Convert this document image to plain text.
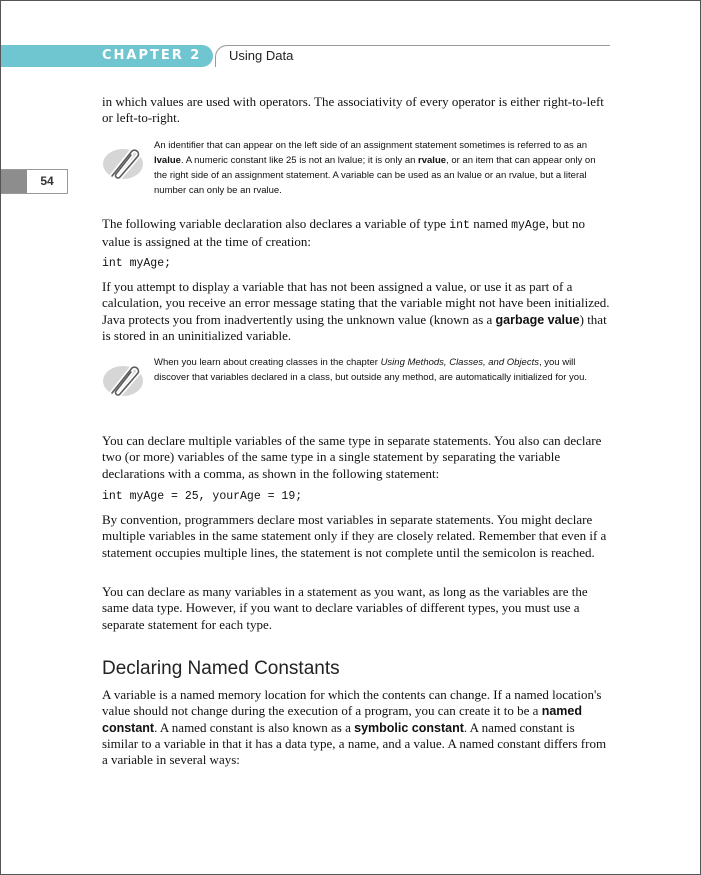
CHAPTER 2 Using Data
54

in which values are used with operators. The associativity of every operator is either right-to-left or left-to-right.

An identifier that can appear on the left side of an assignment statement sometimes is referred to as an lvalue. A numeric constant like 25 is not an lvalue; it is only an rvalue, or an item that can appear only on the right side of an assignment statement. A variable can be used as an lvalue or an rvalue, but a literal number can only be an rvalue.

The following variable declaration also declares a variable of type int named myAge, but no value is assigned at the time of creation:

int myAge;

If you attempt to display a variable that has not been assigned a value, or use it as part of a calculation, you receive an error message stating that the variable might not have been initialized. Java protects you from inadvertently using the unknown value (known as a garbage value) that is stored in an uninitialized variable.

When you learn about creating classes in the chapter Using Methods, Classes, and Objects, you will discover that variables declared in a class, but outside any method, are automatically initialized for you.

You can declare multiple variables of the same type in separate statements. You also can declare two (or more) variables of the same type in a single statement by separating the variable declarations with a comma, as shown in the following statement:

int myAge = 25, yourAge = 19;

By convention, programmers declare most variables in separate statements. You might declare multiple variables in the same statement only if they are closely related. Remember that even if a statement occupies multiple lines, the statement is not complete until the semicolon is reached.

You can declare as many variables in a statement as you want, as long as the variables are the same data type. However, if you want to declare variables of different types, you must use a separate statement for each type.

Declaring Named Constants

A variable is a named memory location for which the contents can change. If a named location's value should not change during the execution of a program, you can create it to be a named constant. A named constant is also known as a symbolic constant. A named constant is similar to a variable in that it has a data type, a name, and a value. A named constant differs from a variable in several ways:
